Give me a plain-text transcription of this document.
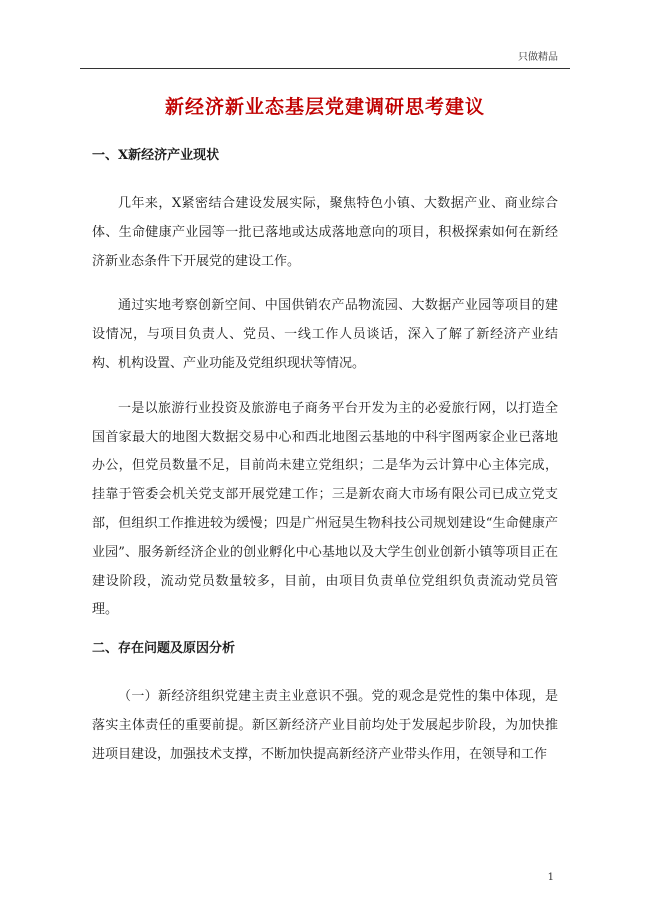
只做精品
新经济新业态基层党建调研思考建议
一、X新经济产业现状

几年来，X紧密结合建设发展实际，聚焦特色小镇、大数据产业、商业综合体、生命健康产业园等一批已落地或达成落地意向的项目，积极探索如何在新经济新业态条件下开展党的建设工作。

通过实地考察创新空间、中国供销农产品物流园、大数据产业园等项目的建设情况，与项目负责人、党员、一线工作人员谈话，深入了解了新经济产业结构、机构设置、产业功能及党组织现状等情况。

一是以旅游行业投资及旅游电子商务平台开发为主的必爱旅行网，以打造全国首家最大的地图大数据交易中心和西北地图云基地的中科宇图两家企业已落地办公，但党员数量不足，目前尚未建立党组织；二是华为云计算中心主体完成，挂靠于管委会机关党支部开展党建工作；三是新农商大市场有限公司已成立党支部，但组织工作推进较为缓慢；四是广州冠昊生物科技公司规划建设“生命健康产业园”、服务新经济企业的创业孵化中心基地以及大学生创业创新小镇等项目正在建设阶段，流动党员数量较多，目前，由项目负责单位党组织负责流动党员管理。

二、存在问题及原因分析

（一）新经济组织党建主责主业意识不强。党的观念是党性的集中体现，是落实主体责任的重要前提。新区新经济产业目前均处于发展起步阶段，为加快推进项目建设，加强技术支撑，不断加快提高新经济产业带头作用，在领导和工作

1
